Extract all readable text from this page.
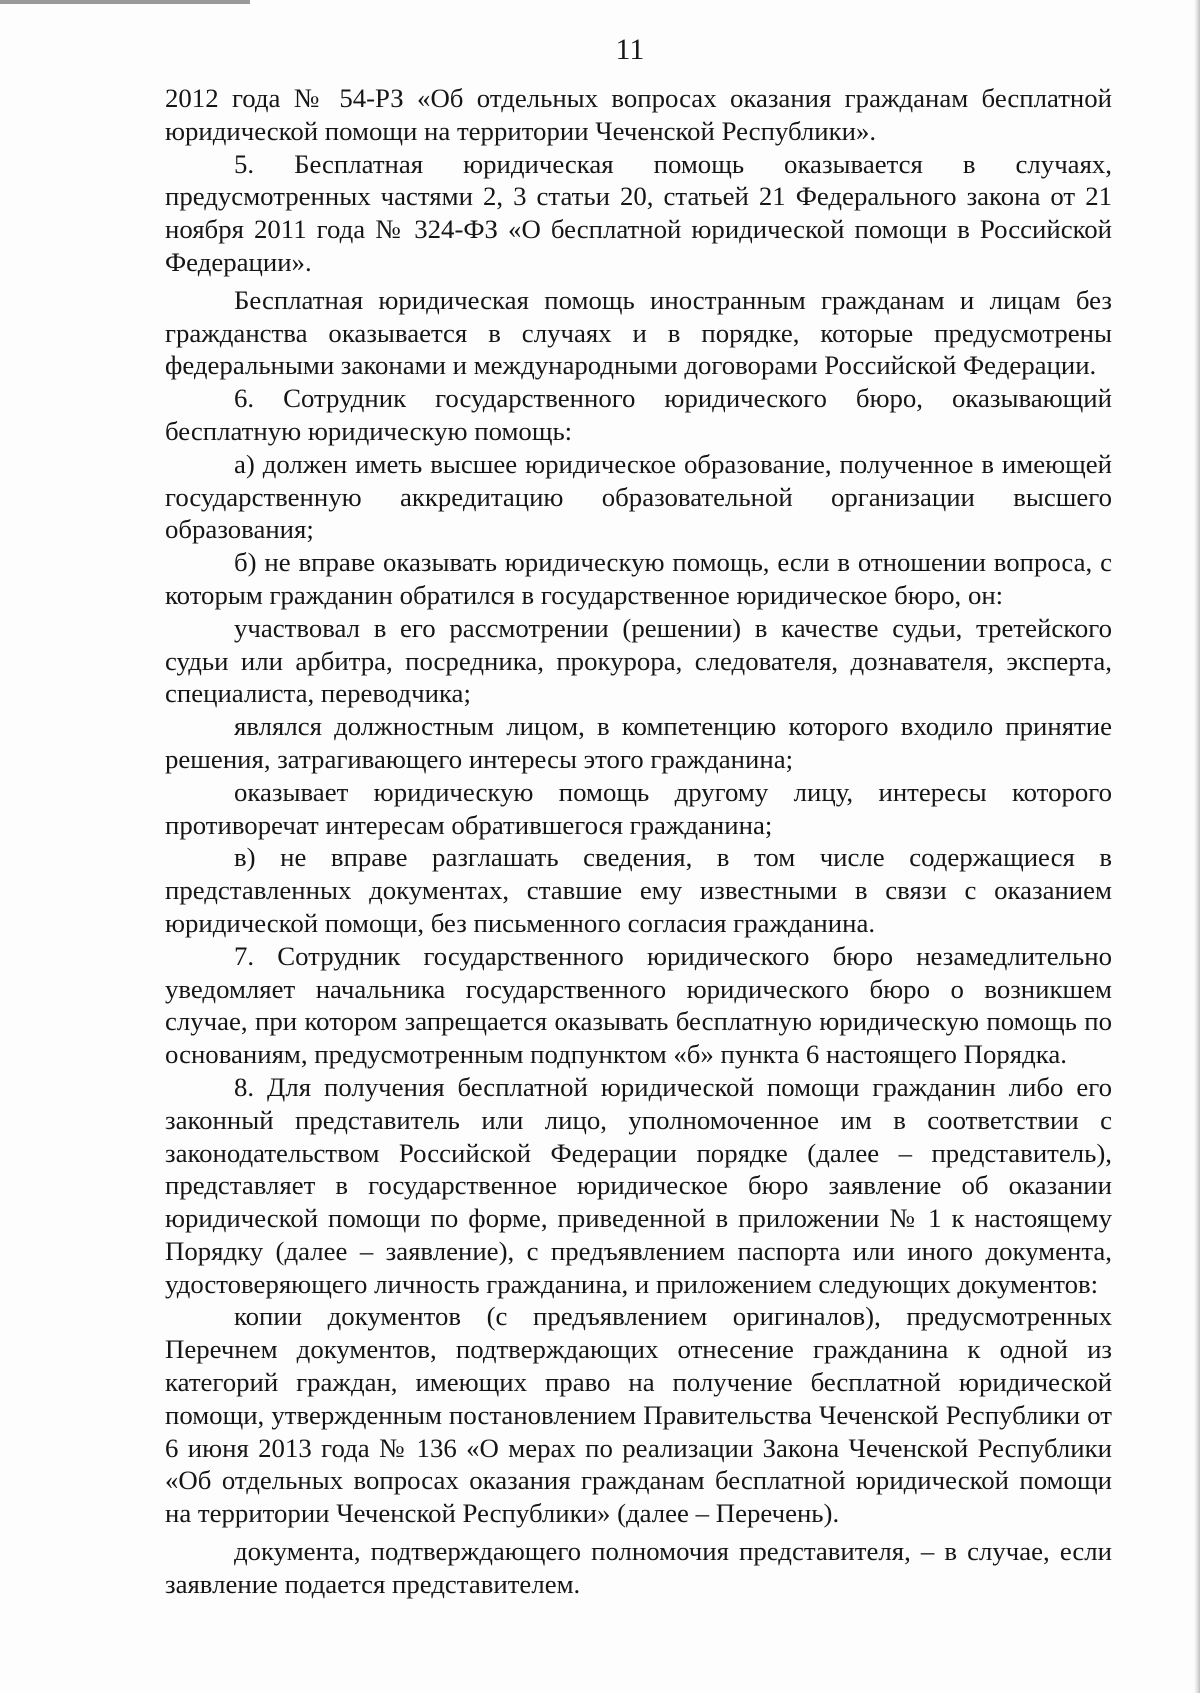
11

2012 года № 54-РЗ «Об отдельных вопросах оказания гражданам бесплатной юридической помощи на территории Чеченской Республики».

5. Бесплатная юридическая помощь оказывается в случаях, предусмотренных частями 2, 3 статьи 20, статьей 21 Федерального закона от 21 ноября 2011 года № 324-ФЗ «О бесплатной юридической помощи в Российской Федерации».

Бесплатная юридическая помощь иностранным гражданам и лицам без гражданства оказывается в случаях и в порядке, которые предусмотрены федеральными законами и международными договорами Российской Федерации.

6. Сотрудник государственного юридического бюро, оказывающий бесплатную юридическую помощь:

а) должен иметь высшее юридическое образование, полученное в имеющей государственную аккредитацию образовательной организации высшего образования;

б) не вправе оказывать юридическую помощь, если в отношении вопроса, с которым гражданин обратился в государственное юридическое бюро, он:

участвовал в его рассмотрении (решении) в качестве судьи, третейского судьи или арбитра, посредника, прокурора, следователя, дознавателя, эксперта, специалиста, переводчика;

являлся должностным лицом, в компетенцию которого входило принятие решения, затрагивающего интересы этого гражданина;

оказывает юридическую помощь другому лицу, интересы которого противоречат интересам обратившегося гражданина;

в) не вправе разглашать сведения, в том числе содержащиеся в представленных документах, ставшие ему известными в связи с оказанием юридической помощи, без письменного согласия гражданина.

7. Сотрудник государственного юридического бюро незамедлительно уведомляет начальника государственного юридического бюро о возникшем случае, при котором запрещается оказывать бесплатную юридическую помощь по основаниям, предусмотренным подпунктом «б» пункта 6 настоящего Порядка.

8. Для получения бесплатной юридической помощи гражданин либо его законный представитель или лицо, уполномоченное им в соответствии с законодательством Российской Федерации порядке (далее – представитель), представляет в государственное юридическое бюро заявление об оказании юридической помощи по форме, приведенной в приложении № 1 к настоящему Порядку (далее – заявление), с предъявлением паспорта или иного документа, удостоверяющего личность гражданина, и приложением следующих документов:

копии документов (с предъявлением оригиналов), предусмотренных Перечнем документов, подтверждающих отнесение гражданина к одной из категорий граждан, имеющих право на получение бесплатной юридической помощи, утвержденным постановлением Правительства Чеченской Республики от 6 июня 2013 года № 136 «О мерах по реализации Закона Чеченской Республики «Об отдельных вопросах оказания гражданам бесплатной юридической помощи на территории Чеченской Республики» (далее – Перечень).

документа, подтверждающего полномочия представителя, – в случае, если заявление подается представителем.
